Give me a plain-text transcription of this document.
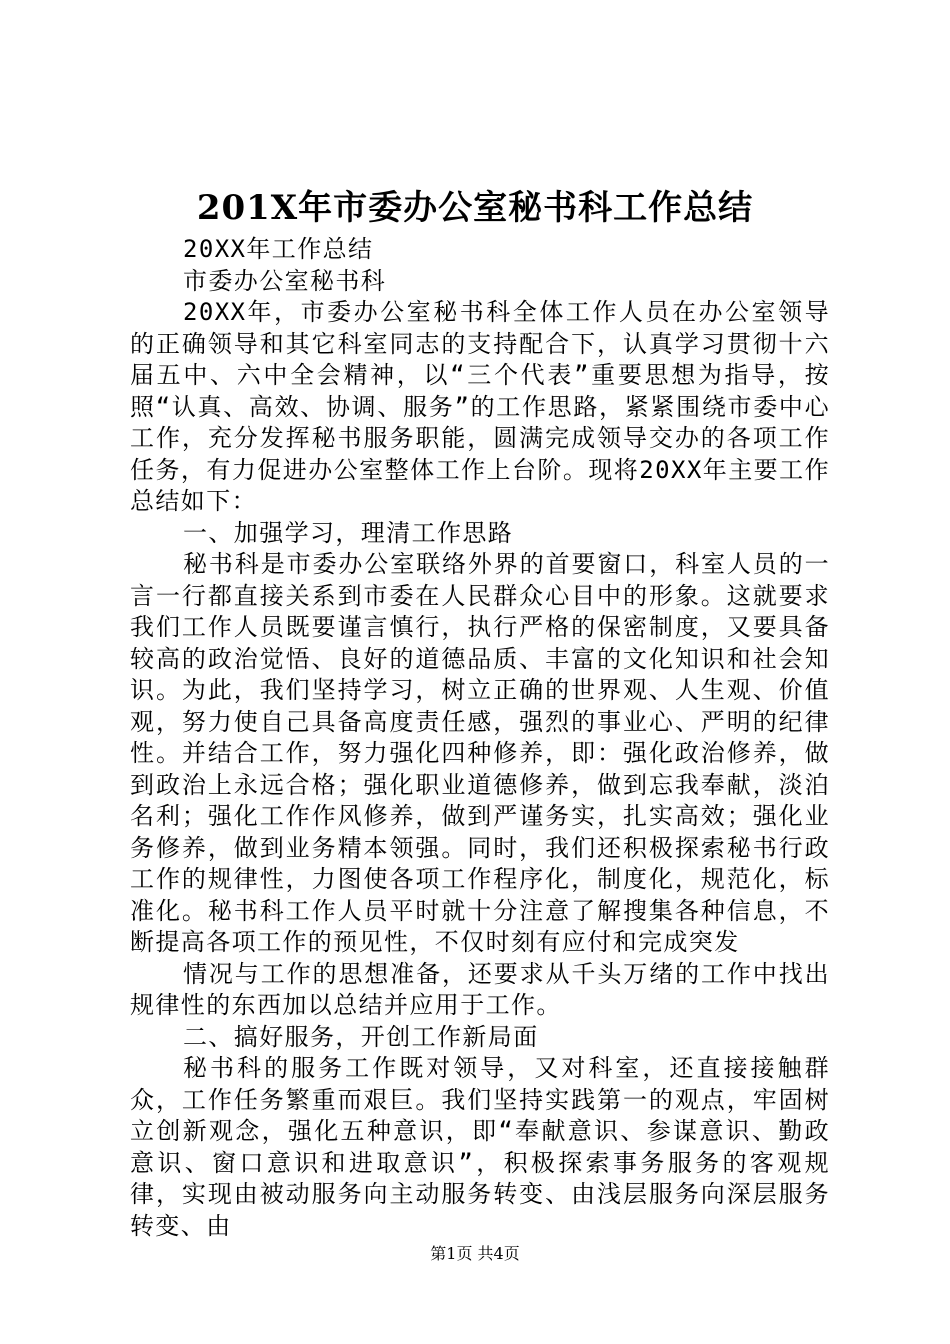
201X年市委办公室秘书科工作总结

20XX年工作总结

市委办公室秘书科

20XX年，市委办公室秘书科全体工作人员在办公室领导的正确领导和其它科室同志的支持配合下，认真学习贯彻十六届五中、六中全会精神，以“三个代表”重要思想为指导，按照“认真、高效、协调、服务”的工作思路，紧紧围绕市委中心工作，充分发挥秘书服务职能，圆满完成领导交办的各项工作任务，有力促进办公室整体工作上台阶。现将20XX年主要工作总结如下：

一、加强学习，理清工作思路

秘书科是市委办公室联络外界的首要窗口，科室人员的一言一行都直接关系到市委在人民群众心目中的形象。这就要求我们工作人员既要谨言慎行，执行严格的保密制度，又要具备较高的政治觉悟、良好的道德品质、丰富的文化知识和社会知识。为此，我们坚持学习，树立正确的世界观、人生观、价值观，努力使自己具备高度责任感，强烈的事业心、严明的纪律性。并结合工作，努力强化四种修养，即：强化政治修养，做到政治上永远合格；强化职业道德修养，做到忘我奉献，淡泊名利；强化工作作风修养，做到严谨务实，扎实高效；强化业务修养，做到业务精本领强。同时，我们还积极探索秘书行政工作的规律性，力图使各项工作程序化，制度化，规范化，标准化。秘书科工作人员平时就十分注意了解搜集各种信息，不断提高各项工作的预见性，不仅时刻有应付和完成突发

情况与工作的思想准备，还要求从千头万绪的工作中找出规律性的东西加以总结并应用于工作。

二、搞好服务，开创工作新局面

秘书科的服务工作既对领导，又对科室，还直接接触群众，工作任务繁重而艰巨。我们坚持实践第一的观点，牢固树立创新观念，强化五种意识，即“奉献意识、参谋意识、勤政意识、窗口意识和进取意识”，积极探索事务服务的客观规律，实现由被动服务向主动服务转变、由浅层服务向深层服务转变、由

第1页 共4页
